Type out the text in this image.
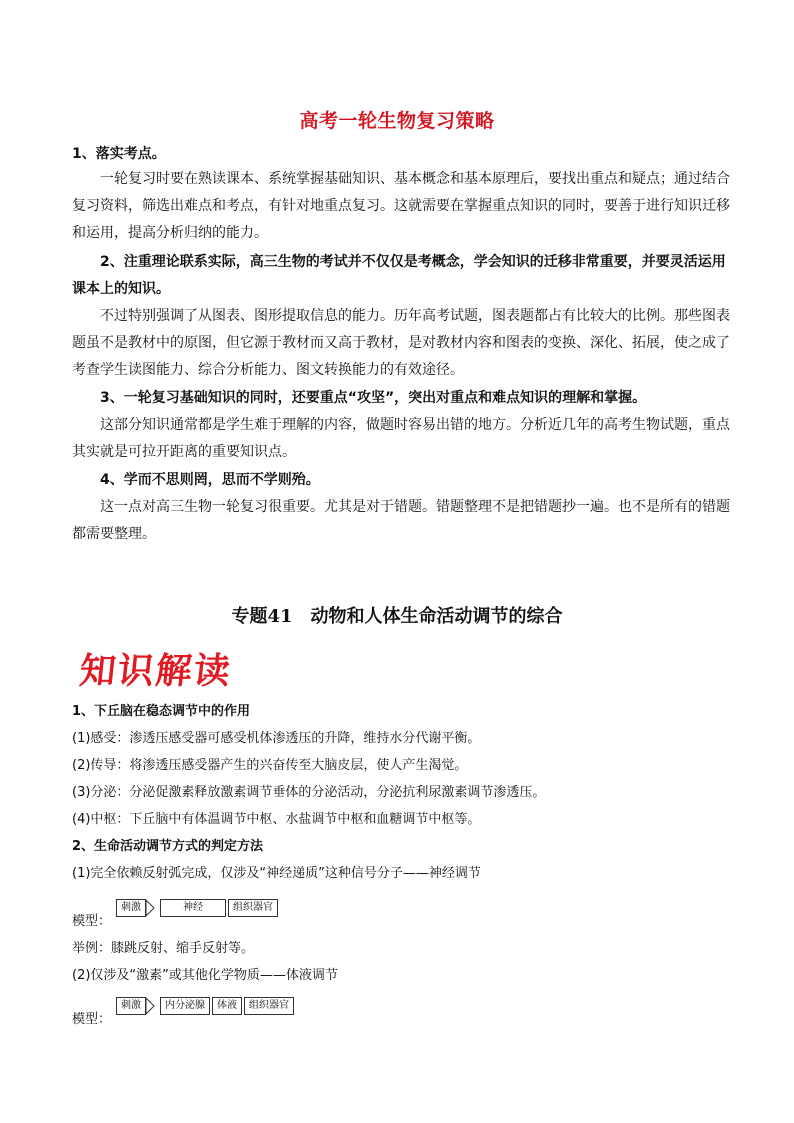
高考一轮生物复习策略
1、落实考点。
一轮复习时要在熟读课本、系统掌握基础知识、基本概念和基本原理后，要找出重点和疑点；通过结合复习资料，筛选出难点和考点，有针对地重点复习。这就需要在掌握重点知识的同时，要善于进行知识迁移和运用，提高分析归纳的能力。
2、注重理论联系实际，高三生物的考试并不仅仅是考概念，学会知识的迁移非常重要，并要灵活运用课本上的知识。
不过特别强调了从图表、图形提取信息的能力。历年高考试题，图表题都占有比较大的比例。那些图表题虽不是教材中的原图，但它源于教材而又高于教材，是对教材内容和图表的变换、深化、拓展，使之成了考查学生读图能力、综合分析能力、图文转换能力的有效途径。
3、一轮复习基础知识的同时，还要重点“攻坚”，突出对重点和难点知识的理解和掌握。
这部分知识通常都是学生难于理解的内容，做题时容易出错的地方。分析近几年的高考生物试题，重点其实就是可拉开距离的重要知识点。
4、学而不思则罔，思而不学则殆。
这一点对高三生物一轮复习很重要。尤其是对于错题。错题整理不是把错题抄一遍。也不是所有的错题都需要整理。
专题41　动物和人体生命活动调节的综合
知识解读
1、下丘脑在稳态调节中的作用
(1)感受：渗透压感受器可感受机体渗透压的升降，维持水分代谢平衡。
(2)传导：将渗透压感受器产生的兴奋传至大脑皮层，使人产生渴觉。
(3)分泌：分泌促激素释放激素调节垂体的分泌活动，分泌抗利尿激素调节渗透压。
(4)中枢：下丘脑中有体温调节中枢、水盐调节中枢和血糖调节中枢等。
2、生命活动调节方式的判定方法
(1)完全依赖反射弧完成，仅涉及“神经递质”这种信号分子——神经调节
模型：
刺激	神经	组织器官
举例：膝跳反射、缩手反射等。
(2)仅涉及“激素”或其他化学物质——体液调节
模型：
刺激	内分泌腺	体液	组织器官
